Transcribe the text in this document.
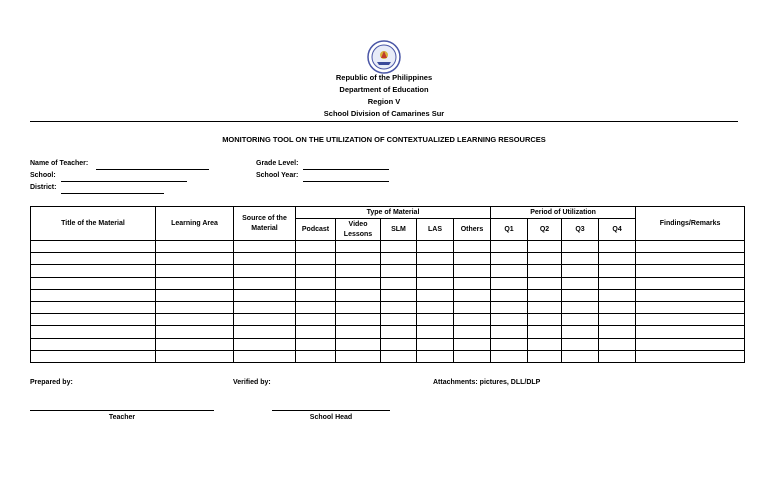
Republic of the Philippines
Department of Education
Region V
School Division of Camarines Sur
MONITORING TOOL ON THE UTILIZATION OF CONTEXTUALIZED LEARNING RESOURCES
Name of Teacher:
School:
District:
Grade Level:
School Year:
Title of the Material	Learning Area	Source of the Material	Type of Material					Period of Utilization				Findings/Remarks
			Podcast	Video Lessons	SLM	LAS	Others	Q1	Q2	Q3	Q4	

Prepared by:	Verified by:	Attachments: pictures, DLL/DLP
Teacher	School Head
